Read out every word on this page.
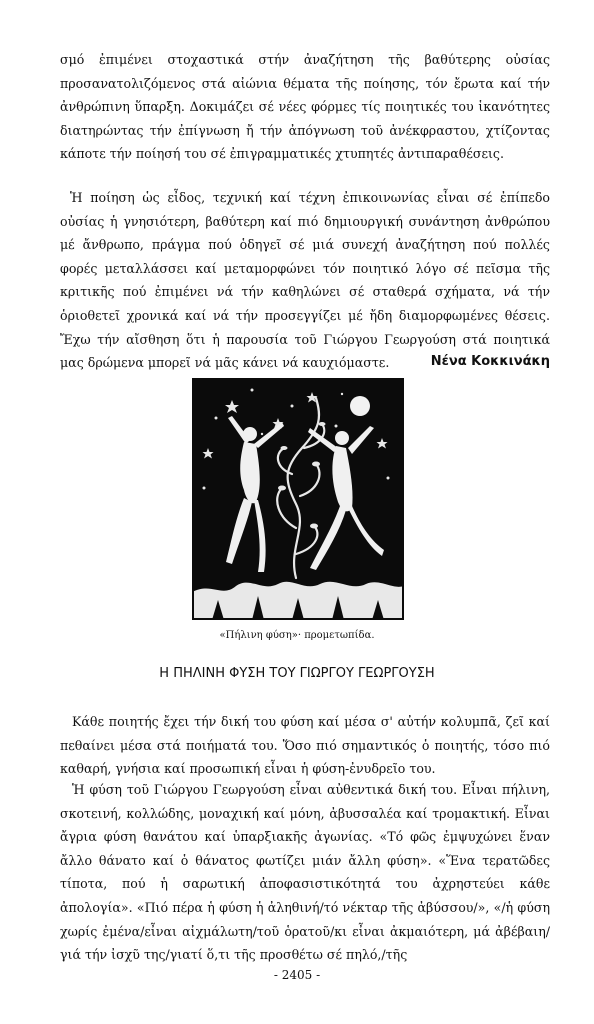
σμό ἐπιμένει στοχαστικά στήν ἀναζήτηση τῆς βαθύτερης οὐσίας προσανατολιζόμενος στά αἰώνια θέματα τῆς ποίησης, τόν ἔρωτα καί τήν ἀνθρώπινη ὕπαρξη. Δοκιμάζει σέ νέες φόρμες τίς ποιητικές του ἱκανότητες διατηρώντας τήν ἐπίγνωση ἤ τήν ἀπόγνωση τοῦ ἀνέκφραστου, χτίζοντας κάποτε τήν ποίησή του σέ ἐπιγραμματικές χτυπητές ἀντιπαραθέσεις.

Ἡ ποίηση ὡς εἶδος, τεχνική καί τέχνη ἐπικοινωνίας εἶναι σέ ἐπίπεδο οὐσίας ἡ γνησιότερη, βαθύτερη καί πιό δημιουργική συνάντηση ἀνθρώπου μέ ἄνθρωπο, πράγμα πού ὁδηγεῖ σέ μιά συνεχή ἀναζήτηση πού πολλές φορές μεταλλάσσει καί μεταμορφώνει τόν ποιητικό λόγο σέ πεῖσμα τῆς κριτικῆς πού ἐπιμένει νά τήν καθηλώνει σέ σταθερά σχήματα, νά τήν ὁριοθετεῖ χρονικά καί νά τήν προσεγγίζει μέ ἤδη διαμορφωμένες θέσεις. Ἔχω τήν αἴσθηση ὅτι ἡ παρουσία τοῦ Γιώργου Γεωργούση στά ποιητικά μας δρώμενα μπορεῖ νά μᾶς κάνει νά καυχιόμαστε.	Νένα Κοκκινάκη
«Πήλινη φύση»· προμετωπίδα.
Η ΠΗΛΙΝΗ ΦΥΣΗ ΤΟΥ ΓΙΩΡΓΟΥ ΓΕΩΡΓΟΥΣΗ

Κάθε ποιητής ἔχει τήν δική του φύση καί μέσα σ' αὐτήν κολυμπᾶ, ζεῖ καί πεθαίνει μέσα στά ποιήματά του. Ὅσο πιό σημαντικός ὁ ποιητής, τόσο πιό καθαρή, γνήσια καί προσωπική εἶναι ἡ φύση-ἐνυδρεῖο του.

Ἡ φύση τοῦ Γιώργου Γεωργούση εἶναι αὐθεντικά δική του. Εἶναι πήλινη, σκοτεινή, κολλώδης, μοναχική καί μόνη, ἀβυσσαλέα καί τρομακτική. Εἶναι ἄγρια φύση θανάτου καί ὑπαρξιακῆς ἀγωνίας. «Τό φῶς ἐμψυχώνει ἕναν ἄλλο θάνατο καί ὁ θάνατος φωτίζει μιάν ἄλλη φύση». «Ἕνα τερατῶδες τίποτα, πού ἡ σαρωτική ἀποφασιστικότητά του ἀχρηστεύει κάθε ἀπολογία». «Πιό πέρα ἡ φύση ἡ ἀληθινή/τό νέκταρ τῆς ἀβύσσου/», «/ἡ φύση χωρίς ἐμένα/εἶναι αἰχμάλωτη/τοῦ ὁρατοῦ/κι εἶναι ἀκμαιότερη, μά ἀβέβαιη/γιά τήν ἰσχῦ της/γιατί ὅ,τι τῆς προσθέτω σέ πηλό,/τῆς

- 2405 -
